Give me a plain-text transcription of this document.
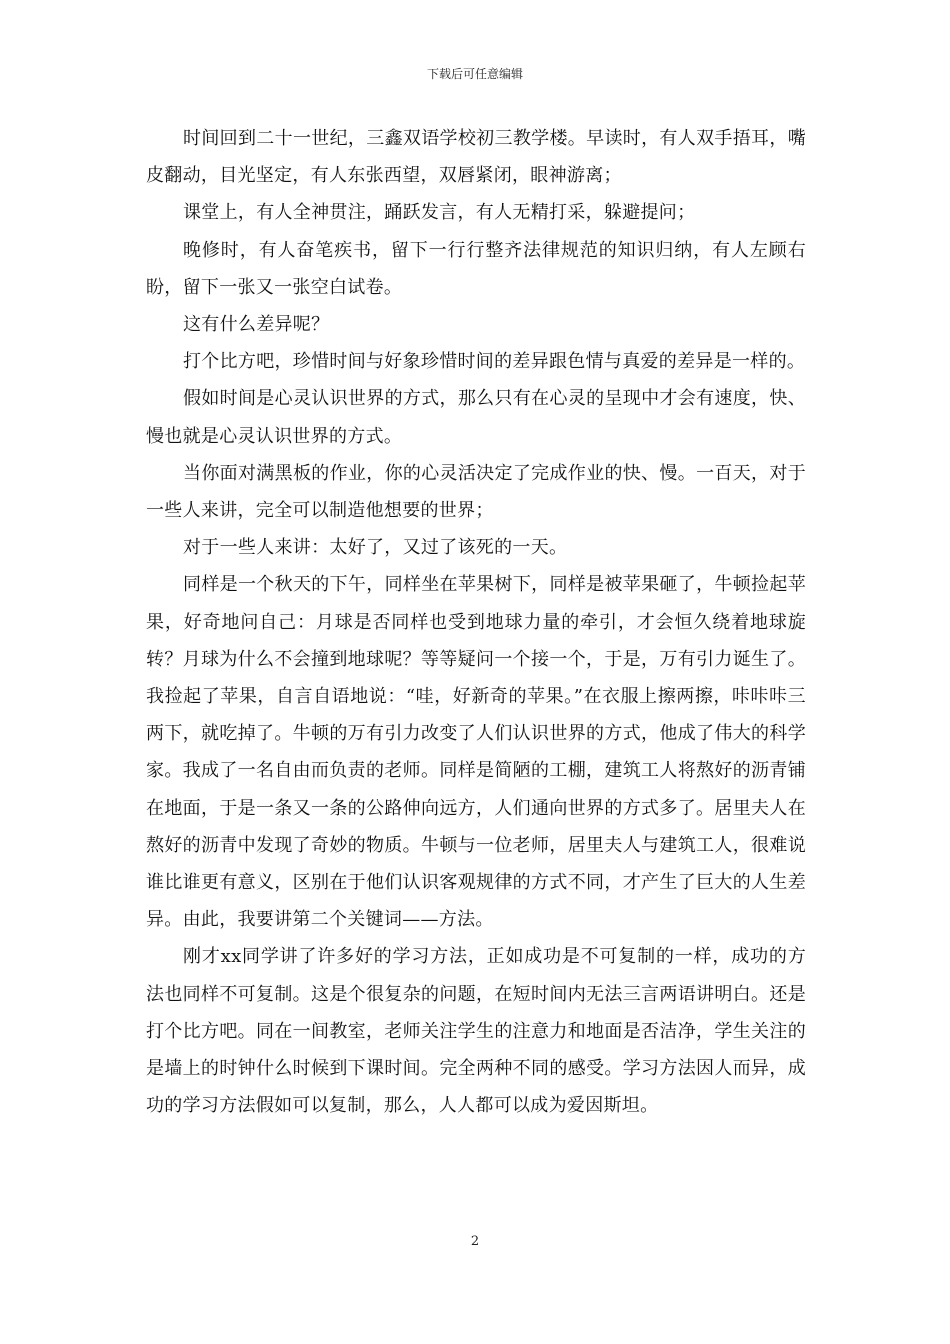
下载后可任意编辑

时间回到二十一世纪，三鑫双语学校初三教学楼。早读时，有人双手捂耳，嘴皮翻动，目光坚定，有人东张西望，双唇紧闭，眼神游离；

课堂上，有人全神贯注，踊跃发言，有人无精打采，躲避提问；

晚修时，有人奋笔疾书，留下一行行整齐法律规范的知识归纳，有人左顾右盼，留下一张又一张空白试卷。

这有什么差异呢？

打个比方吧，珍惜时间与好象珍惜时间的差异跟色情与真爱的差异是一样的。

假如时间是心灵认识世界的方式，那么只有在心灵的呈现中才会有速度，快、慢也就是心灵认识世界的方式。

当你面对满黑板的作业，你的心灵活决定了完成作业的快、慢。一百天，对于一些人来讲，完全可以制造他想要的世界；

对于一些人来讲：太好了，又过了该死的一天。

同样是一个秋天的下午，同样坐在苹果树下，同样是被苹果砸了，牛顿捡起苹果，好奇地问自己：月球是否同样也受到地球力量的牵引，才会恒久绕着地球旋转？月球为什么不会撞到地球呢？等等疑问一个接一个，于是，万有引力诞生了。我捡起了苹果，自言自语地说：“哇，好新奇的苹果。”在衣服上擦两擦，咔咔咔三两下，就吃掉了。牛顿的万有引力改变了人们认识世界的方式，他成了伟大的科学家。我成了一名自由而负责的老师。同样是简陋的工棚，建筑工人将熬好的沥青铺在地面，于是一条又一条的公路伸向远方，人们通向世界的方式多了。居里夫人在熬好的沥青中发现了奇妙的物质。牛顿与一位老师，居里夫人与建筑工人，很难说谁比谁更有意义，区别在于他们认识客观规律的方式不同，才产生了巨大的人生差异。由此，我要讲第二个关键词——方法。

刚才xx同学讲了许多好的学习方法，正如成功是不可复制的一样，成功的方法也同样不可复制。这是个很复杂的问题，在短时间内无法三言两语讲明白。还是打个比方吧。同在一间教室，老师关注学生的注意力和地面是否洁净，学生关注的是墙上的时钟什么时候到下课时间。完全两种不同的感受。学习方法因人而异，成功的学习方法假如可以复制，那么，人人都可以成为爱因斯坦。

2
